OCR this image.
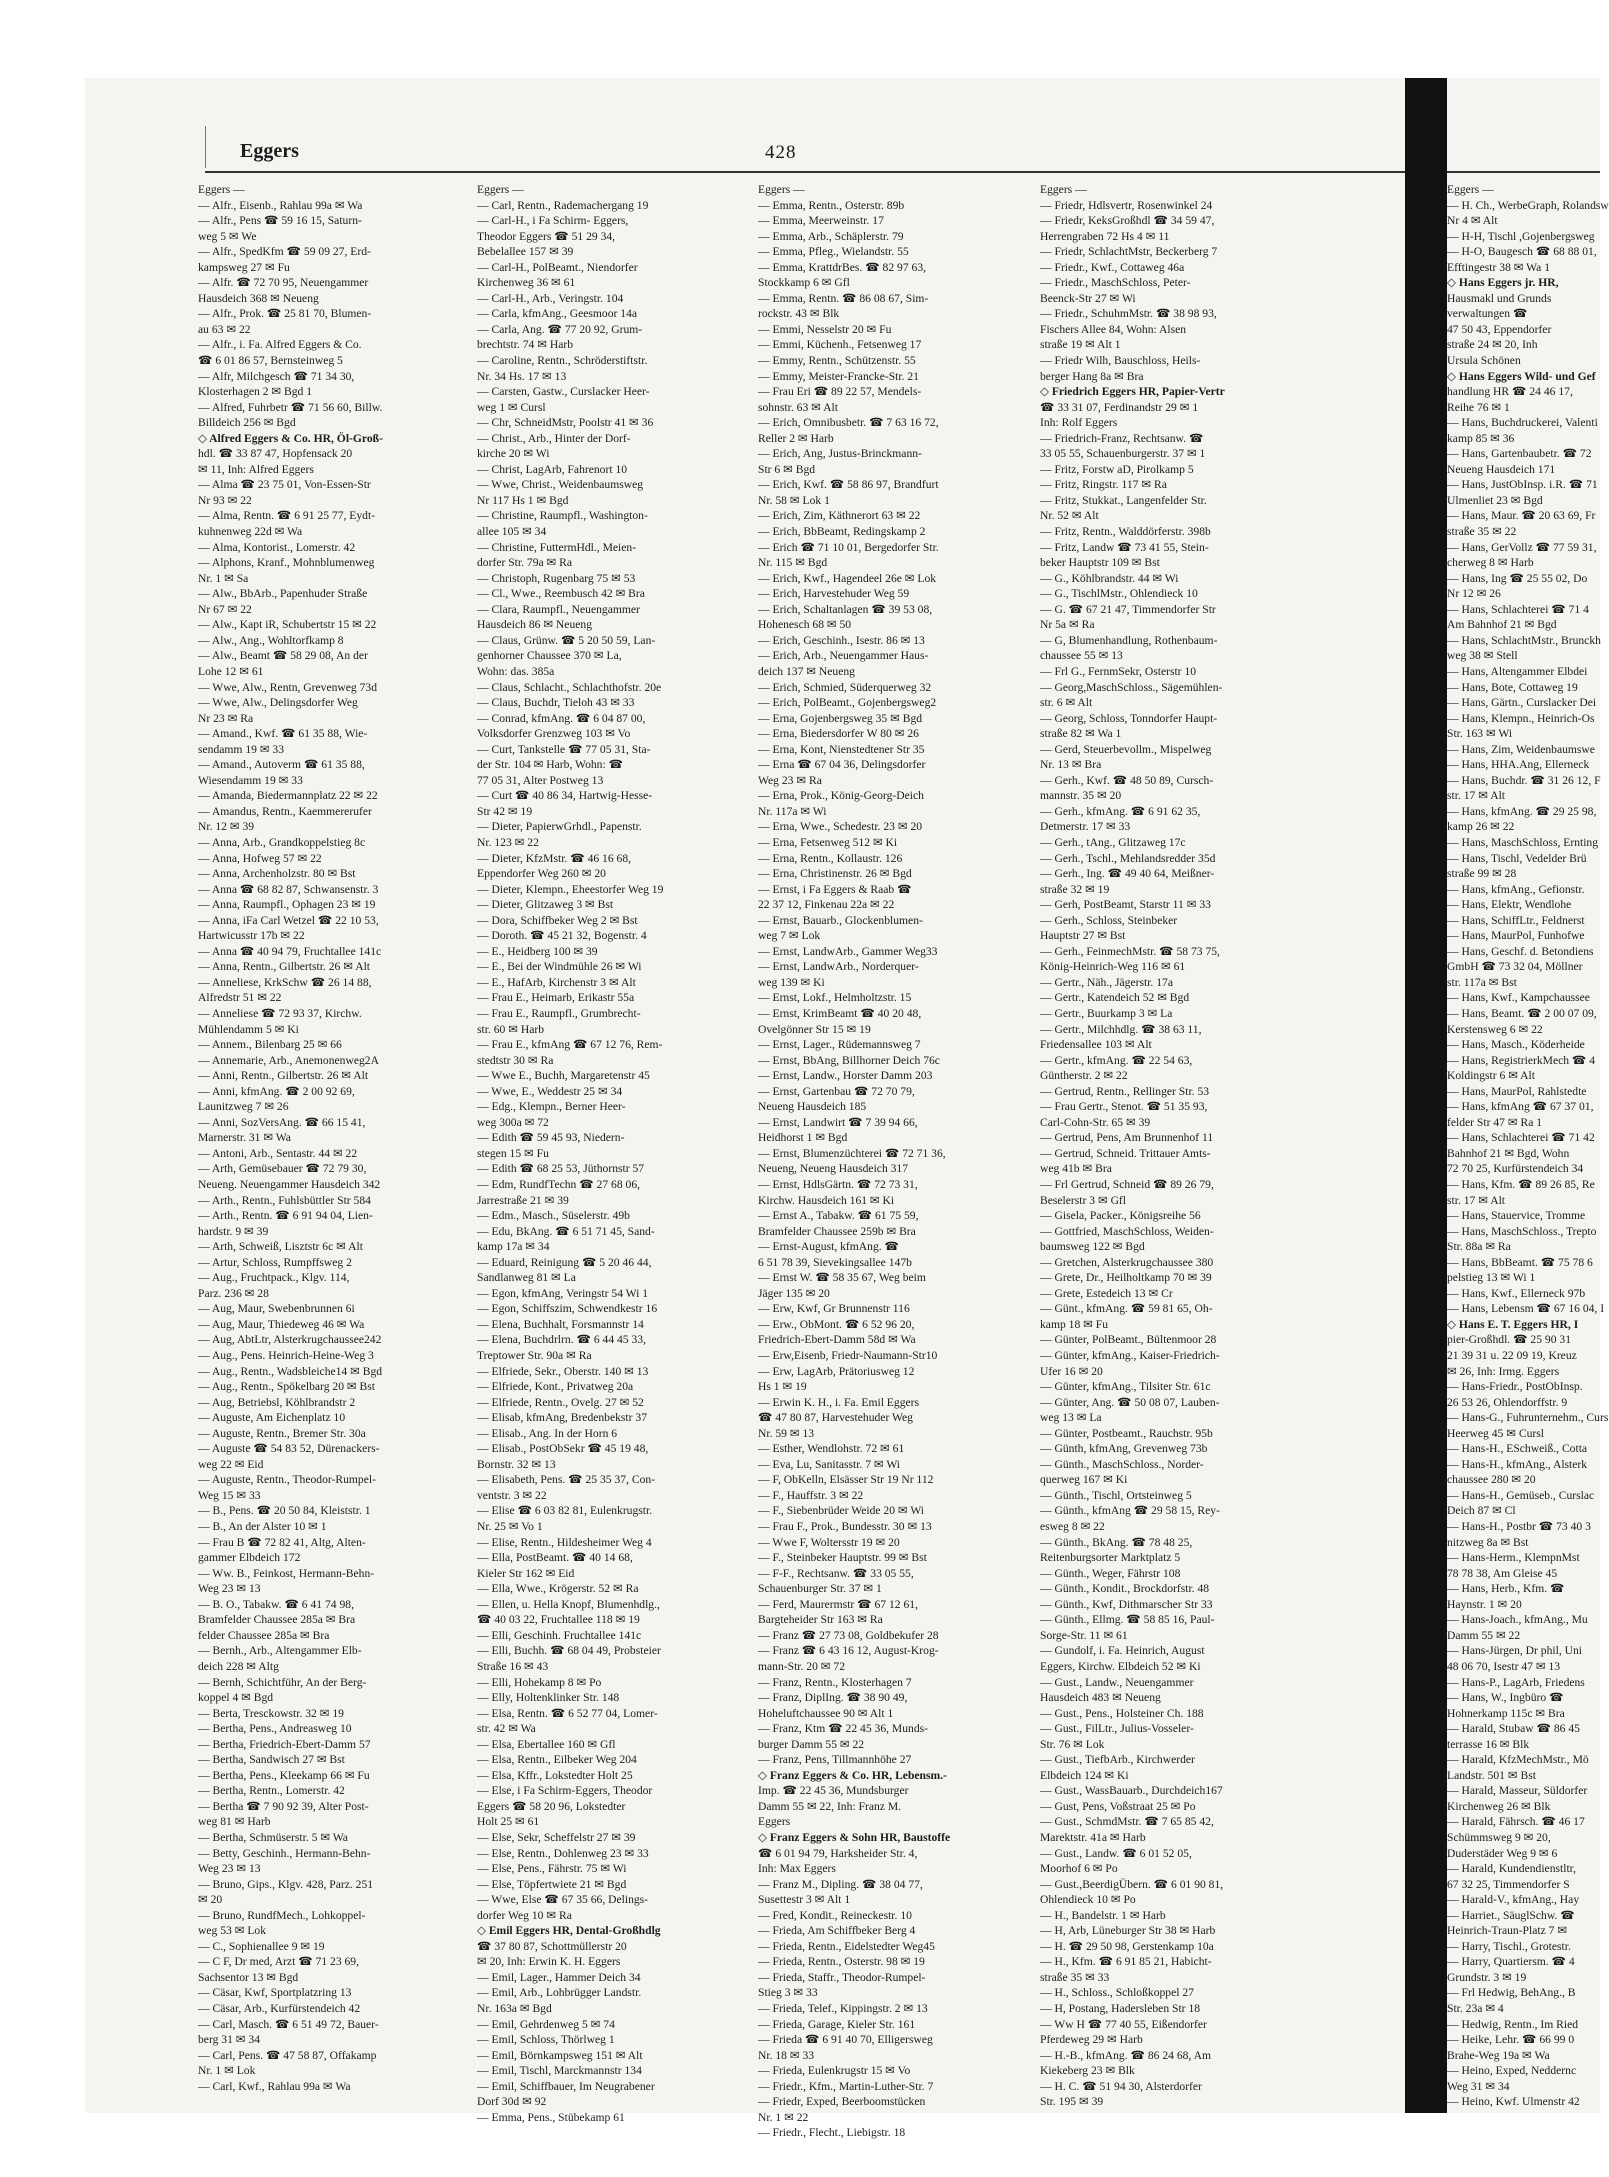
Eggers	428
Eggers —
— Alfr., Eisenb., Rahlau 99a ✉ Wa
— Alfr., Pens ☎ 59 16 15, Saturn-
weg 5 ✉ We
— Alfr., SpedKfm ☎ 59 09 27, Erd-
kampsweg 27 ✉ Fu
— Alfr. ☎ 72 70 95, Neuengammer
Hausdeich 368 ✉ Neueng
— Alfr., Prok. ☎ 25 81 70, Blumen-
au 63 ✉ 22
— Alfr., i. Fa. Alfred Eggers & Co.
☎ 6 01 86 57, Bernsteinweg 5
— Alfr, Milchgesch ☎ 71 34 30,
Klosterhagen 2 ✉ Bgd 1
— Alfred, Fuhrbetr ☎ 71 56 60, Billw.
Billdeich 256 ✉ Bgd
◇ Alfred Eggers & Co. HR, Öl-Groß-
hdl. ☎ 33 87 47, Hopfensack 20
✉ 11, Inh: Alfred Eggers
— Alma ☎ 23 75 01, Von-Essen-Str
Nr 93 ✉ 22
— Alma, Rentn. ☎ 6 91 25 77, Eydt-
kuhnenweg 22d ✉ Wa
— Alma, Kontorist., Lomerstr. 42
— Alphons, Kranf., Mohnblumenweg
Nr. 1 ✉ Sa
— Alw., BbArb., Papenhuder Straße
Nr 67 ✉ 22
— Alw., Kapt iR, Schubertstr 15 ✉ 22
— Alw., Ang., Wohltorfkamp 8
— Alw., Beamt ☎ 58 29 08, An der
Lohe 12 ✉ 61
— Wwe, Alw., Rentn, Grevenweg 73d
— Wwe, Alw., Delingsdorfer Weg
Nr 23 ✉ Ra
— Amand., Kwf. ☎ 61 35 88, Wie-
sendamm 19 ✉ 33
— Amand., Autoverm ☎ 61 35 88,
Wiesendamm 19 ✉ 33
— Amanda, Biedermannplatz 22 ✉ 22
— Amandus, Rentn., Kaemmererufer
Nr. 12 ✉ 39
— Anna, Arb., Grandkoppelstieg 8c
— Anna, Hofweg 57 ✉ 22
— Anna, Archenholzstr. 80 ✉ Bst
— Anna ☎ 68 82 87, Schwansenstr. 3
— Anna, Raumpfl., Ophagen 23 ✉ 19
— Anna, iFa Carl Wetzel ☎ 22 10 53,
Hartwicusstr 17b ✉ 22
— Anna ☎ 40 94 79, Fruchtallee 141c
— Anna, Rentn., Gilbertstr. 26 ✉ Alt
— Anneliese, KrkSchw ☎ 26 14 88,
Alfredstr 51 ✉ 22
— Anneliese ☎ 72 93 37, Kirchw.
Mühlendamm 5 ✉ Ki
— Annem., Bilenbarg 25 ✉ 66
— Annemarie, Arb., Anemonenweg2A
— Anni, Rentn., Gilbertstr. 26 ✉ Alt
— Anni, kfmAng. ☎ 2 00 92 69,
Launitzweg 7 ✉ 26
— Anni, SozVersAng. ☎ 66 15 41,
Marnerstr. 31 ✉ Wa
— Antoni, Arb., Sentastr. 44 ✉ 22
— Arth, Gemüsebauer ☎ 72 79 30,
Neueng. Neuengammer Hausdeich 342
— Arth., Rentn., Fuhlsbüttler Str 584
— Arth., Rentn. ☎ 6 91 94 04, Lien-
hardstr. 9 ✉ 39
— Arth, Schweiß, Lisztstr 6c ✉ Alt
— Artur, Schloss, Rumpffsweg 2
— Aug., Fruchtpack., Klgv. 114,
Parz. 236 ✉ 28
— Aug, Maur, Swebenbrunnen 6i
— Aug, Maur, Thiedeweg 46 ✉ Wa
— Aug, AbtLtr, Alsterkrugchaussee242
— Aug., Pens. Heinrich-Heine-Weg 3
— Aug., Rentn., Wadsbleiche14 ✉ Bgd
— Aug., Rentn., Spökelbarg 20 ✉ Bst
— Aug, Betriebsl, Köhlbrandstr 2
— Auguste, Am Eichenplatz 10
— Auguste, Rentn., Bremer Str. 30a
— Auguste ☎ 54 83 52, Dürenackers-
weg 22 ✉ Eid
— Auguste, Rentn., Theodor-Rumpel-
Weg 15 ✉ 33
— B., Pens. ☎ 20 50 84, Kleiststr. 1
— B., An der Alster 10 ✉ 1
— Frau B ☎ 72 82 41, Altg, Alten-
gammer Elbdeich 172
— Ww. B., Feinkost, Hermann-Behn-
Weg 23 ✉ 13
— B. O., Tabakw. ☎ 6 41 74 98,
Bramfelder Chaussee 285a ✉ Bra
felder Chaussee 285a ✉ Bra
— Bernh., Arb., Altengammer Elb-
deich 228 ✉ Altg
— Bernh, Schichtführ, An der Berg-
koppel 4 ✉ Bgd
— Berta, Tresckowstr. 32 ✉ 19
— Bertha, Pens., Andreasweg 10
— Bertha, Friedrich-Ebert-Damm 57
— Bertha, Sandwisch 27 ✉ Bst
— Bertha, Pens., Kleekamp 66 ✉ Fu
— Bertha, Rentn., Lomerstr. 42
— Bertha ☎ 7 90 92 39, Alter Post-
weg 81 ✉ Harb
— Bertha, Schmüserstr. 5 ✉ Wa
— Betty, Geschinh., Hermann-Behn-
Weg 23 ✉ 13
— Bruno, Gips., Klgv. 428, Parz. 251
✉ 20
— Bruno, RundfMech., Lohkoppel-
weg 53 ✉ Lok
— C., Sophienallee 9 ✉ 19
— C F, Dr med, Arzt ☎ 71 23 69,
Sachsentor 13 ✉ Bgd
— Cäsar, Kwf, Sportplatzring 13
— Cäsar, Arb., Kurfürstendeich 42
— Carl, Masch. ☎ 6 51 49 72, Bauer-
berg 31 ✉ 34
— Carl, Pens. ☎ 47 58 87, Offakamp
Nr. 1 ✉ Lok
— Carl, Kwf., Rahlau 99a ✉ Wa
Eggers —
— Carl, Rentn., Rademachergang 19
— Carl-H., i Fa Schirm- Eggers,
Theodor Eggers ☎ 51 29 34,
Bebelallee 157 ✉ 39
— Carl-H., PolBeamt., Niendorfer
Kirchenweg 36 ✉ 61
— Carl-H., Arb., Veringstr. 104
— Carla, kfmAng., Geesmoor 14a
— Carla, Ang. ☎ 77 20 92, Grum-
brechtstr. 74 ✉ Harb
— Caroline, Rentn., Schröderstiftstr.
Nr. 34 Hs. 17 ✉ 13
— Carsten, Gastw., Curslacker Heer-
weg 1 ✉ Cursl
— Chr, SchneidMstr, Poolstr 41 ✉ 36
— Christ., Arb., Hinter der Dorf-
kirche 20 ✉ Wi
— Christ, LagArb, Fahrenort 10
— Wwe, Christ., Weidenbaumsweg
Nr 117 Hs 1 ✉ Bgd
— Christine, Raumpfl., Washington-
allee 105 ✉ 34
— Christine, FuttermHdl., Meien-
dorfer Str. 79a ✉ Ra
— Christoph, Rugenbarg 75 ✉ 53
— Cl., Wwe., Reembusch 42 ✉ Bra
— Clara, Raumpfl., Neuengammer
Hausdeich 86 ✉ Neueng
— Claus, Grünw. ☎ 5 20 50 59, Lan-
genhorner Chaussee 370 ✉ La,
Wohn: das. 385a
— Claus, Schlacht., Schlachthofstr. 20e
— Claus, Buchdr, Tieloh 43 ✉ 33
— Conrad, kfmAng. ☎ 6 04 87 00,
Volksdorfer Grenzweg 103 ✉ Vo
— Curt, Tankstelle ☎ 77 05 31, Sta-
der Str. 104 ✉ Harb, Wohn: ☎
77 05 31, Alter Postweg 13
— Curt ☎ 40 86 34, Hartwig-Hesse-
Str 42 ✉ 19
— Dieter, PapierwGrhdl., Papenstr.
Nr. 123 ✉ 22
— Dieter, KfzMstr. ☎ 46 16 68,
Eppendorfer Weg 260 ✉ 20
— Dieter, Klempn., Eheestorfer Weg 19
— Dieter, Glitzaweg 3 ✉ Bst
— Dora, Schiffbeker Weg 2 ✉ Bst
— Doroth. ☎ 45 21 32, Bogenstr. 4
— E., Heidberg 100 ✉ 39
— E., Bei der Windmühle 26 ✉ Wi
— E., HafArb, Kirchenstr 3 ✉ Alt
— Frau E., Heimarb, Erikastr 55a
— Frau E., Raumpfl., Grumbrecht-
str. 60 ✉ Harb
— Frau E., kfmAng ☎ 67 12 76, Rem-
stedtstr 30 ✉ Ra
— Wwe E., Buchh, Margaretenstr 45
— Wwe, E., Weddestr 25 ✉ 34
— Edg., Klempn., Berner Heer-
weg 300a ✉ 72
— Edith ☎ 59 45 93, Niedern-
stegen 15 ✉ Fu
— Edith ☎ 68 25 53, Jüthornstr 57
— Edm, RundfTechn ☎ 27 68 06,
Jarrestraße 21 ✉ 39
— Edm., Masch., Süselerstr. 49b
— Edu, BkAng. ☎ 6 51 71 45, Sand-
kamp 17a ✉ 34
— Eduard, Reinigung ☎ 5 20 46 44,
Sandlanweg 81 ✉ La
— Egon, kfmAng, Veringstr 54 Wi 1
— Egon, Schiffszim, Schwendkestr 16
— Elena, Buchhalt, Forsmannstr 14
— Elena, Buchdrlrn. ☎ 6 44 45 33,
Treptower Str. 90a ✉ Ra
— Elfriede, Sekr., Oberstr. 140 ✉ 13
— Elfriede, Kont., Privatweg 20a
— Elfriede, Rentn., Ovelg. 27 ✉ 52
— Elisab, kfmAng, Bredenbekstr 37
— Elisab., Ang. In der Horn 6
— Elisab., PostObSekr ☎ 45 19 48,
Bornstr. 32 ✉ 13
— Elisabeth, Pens. ☎ 25 35 37, Con-
ventstr. 3 ✉ 22
— Elise ☎ 6 03 82 81, Eulenkrugstr.
Nr. 25 ✉ Vo 1
— Elise, Rentn., Hildesheimer Weg 4
— Ella, PostBeamt. ☎ 40 14 68,
Kieler Str 162 ✉ Eid
— Ella, Wwe., Krögerstr. 52 ✉ Ra
— Ellen, u. Hella Knopf, Blumenhdlg.,
☎ 40 03 22, Fruchtallee 118 ✉ 19
— Elli, Geschinh. Fruchtallee 141c
— Elli, Buchh. ☎ 68 04 49, Probsteier
Straße 16 ✉ 43
— Elli, Hohekamp 8 ✉ Po
— Elly, Holtenklinker Str. 148
— Elsa, Rentn. ☎ 6 52 77 04, Lomer-
str. 42 ✉ Wa
— Elsa, Ebertallee 160 ✉ Gfl
— Elsa, Rentn., Eilbeker Weg 204
— Elsa, Kffr., Lokstedter Holt 25
— Else, i Fa Schirm-Eggers, Theodor
Eggers ☎ 58 20 96, Lokstedter
Holt 25 ✉ 61
— Else, Sekr, Scheffelstr 27 ✉ 39
— Else, Rentn., Dohlenweg 23 ✉ 33
— Else, Pens., Fährstr. 75 ✉ Wi
— Else, Töpfertwiete 21 ✉ Bgd
— Wwe, Else ☎ 67 35 66, Delings-
dorfer Weg 10 ✉ Ra
◇ Emil Eggers HR, Dental-Großhdlg
☎ 37 80 87, Schottmüllerstr 20
✉ 20, Inh: Erwin K. H. Eggers
— Emil, Lager., Hammer Deich 34
— Emil, Arb., Lohbrügger Landstr.
Nr. 163a ✉ Bgd
— Emil, Gehrdenweg 5 ✉ 74
— Emil, Schloss, Thörlweg 1
— Emil, Börnkampsweg 151 ✉ Alt
— Emil, Tischl, Marckmannstr 134
— Emil, Schiffbauer, Im Neugrabener
Dorf 30d ✉ 92
— Emma, Pens., Stübekamp 61
Eggers —
— Emma, Rentn., Osterstr. 89b
— Emma, Meerweinstr. 17
— Emma, Arb., Schäplerstr. 79
— Emma, Pfleg., Wielandstr. 55
— Emma, KrattdrBes. ☎ 82 97 63,
Stockkamp 6 ✉ Gfl
— Emma, Rentn. ☎ 86 08 67, Sim-
rockstr. 43 ✉ Blk
— Emmi, Nesselstr 20 ✉ Fu
— Emmi, Küchenh., Fetsenweg 17
— Emmy, Rentn., Schützenstr. 55
— Emmy, Meister-Francke-Str. 21
— Frau Eri ☎ 89 22 57, Mendels-
sohnstr. 63 ✉ Alt
— Erich, Omnibusbetr. ☎ 7 63 16 72,
Reller 2 ✉ Harb
— Erich, Ang, Justus-Brinckmann-
Str 6 ✉ Bgd
— Erich, Kwf. ☎ 58 86 97, Brandfurt
Nr. 58 ✉ Lok 1
— Erich, Zim, Käthnerort 63 ✉ 22
— Erich, BbBeamt, Redingskamp 2
— Erich ☎ 71 10 01, Bergedorfer Str.
Nr. 115 ✉ Bgd
— Erich, Kwf., Hagendeel 26e ✉ Lok
— Erich, Harvestehuder Weg 59
— Erich, Schaltanlagen ☎ 39 53 08,
Hohenesch 68 ✉ 50
— Erich, Geschinh., Isestr. 86 ✉ 13
— Erich, Arb., Neuengammer Haus-
deich 137 ✉ Neueng
— Erich, Schmied, Süderquerweg 32
— Erich, PolBeamt., Gojenbergsweg2
— Erna, Gojenbergsweg 35 ✉ Bgd
— Erna, Biedersdorfer W 80 ✉ 26
— Erna, Kont, Nienstedtener Str 35
— Erna ☎ 67 04 36, Delingsdorfer
Weg 23 ✉ Ra
— Erna, Prok., König-Georg-Deich
Nr. 117a ✉ Wi
— Erna, Wwe., Schedestr. 23 ✉ 20
— Erna, Fetsenweg 512 ✉ Ki
— Erna, Rentn., Kollaustr. 126
— Erna, Christinenstr. 26 ✉ Bgd
— Ernst, i Fa Eggers & Raab ☎
22 37 12, Finkenau 22a ✉ 22
— Ernst, Bauarb., Glockenblumen-
weg 7 ✉ Lok
— Ernst, LandwArb., Gammer Weg33
— Ernst, LandwArb., Norderquer-
weg 139 ✉ Ki
— Ernst, Lokf., Helmholtzstr. 15
— Ernst, KrimBeamt ☎ 40 20 48,
Ovelgönner Str 15 ✉ 19
— Ernst, Lager., Rüdemannsweg 7
— Ernst, BbAng, Billhorner Deich 76c
— Ernst, Landw., Horster Damm 203
— Ernst, Gartenbau ☎ 72 70 79,
Neueng Hausdeich 185
— Ernst, Landwirt ☎ 7 39 94 66,
Heidhorst 1 ✉ Bgd
— Ernst, Blumenzüchterei ☎ 72 71 36,
Neueng, Neueng Hausdeich 317
— Ernst, HdlsGärtn. ☎ 72 73 31,
Kirchw. Hausdeich 161 ✉ Ki
— Ernst A., Tabakw. ☎ 61 75 59,
Bramfelder Chaussee 259b ✉ Bra
— Ernst-August, kfmAng. ☎
6 51 78 39, Sievekingsallee 147b
— Ernst W. ☎ 58 35 67, Weg beim
Jäger 135 ✉ 20
— Erw, Kwf, Gr Brunnenstr 116
— Erw., ObMont. ☎ 6 52 96 20,
Friedrich-Ebert-Damm 58d ✉ Wa
— Erw,Eisenb, Friedr-Naumann-Str10
— Erw, LagArb, Prätoriusweg 12
Hs 1 ✉ 19
— Erwin K. H., i. Fa. Emil Eggers
☎ 47 80 87, Harvestehuder Weg
Nr. 59 ✉ 13
— Esther, Wendlohstr. 72 ✉ 61
— Eva, Lu, Sanitasstr. 7 ✉ Wi
— F, ObKelln, Elsässer Str 19 Nr 112
— F., Hauffstr. 3 ✉ 22
— F., Siebenbrüder Weide 20 ✉ Wi
— Frau F., Prok., Bundesstr. 30 ✉ 13
— Wwe F, Woltersstr 19 ✉ 20
— F., Steinbeker Hauptstr. 99 ✉ Bst
— F-F., Rechtsanw. ☎ 33 05 55,
Schauenburger Str. 37 ✉ 1
— Ferd, Maurermstr ☎ 67 12 61,
Bargteheider Str 163 ✉ Ra
— Franz ☎ 27 73 08, Goldbekufer 28
— Franz ☎ 6 43 16 12, August-Krog-
mann-Str. 20 ✉ 72
— Franz, Rentn., Klosterhagen 7
— Franz, DiplIng. ☎ 38 90 49,
Hoheluftchaussee 90 ✉ Alt 1
— Franz, Ktm ☎ 22 45 36, Munds-
burger Damm 55 ✉ 22
— Franz, Pens, Tillmannhöhe 27
◇ Franz Eggers & Co. HR, Lebensm.-
Imp. ☎ 22 45 36, Mundsburger
Damm 55 ✉ 22, Inh: Franz M.
Eggers
◇ Franz Eggers & Sohn HR, Baustoffe
☎ 6 01 94 79, Harksheider Str. 4,
Inh: Max Eggers
— Franz M., Dipling. ☎ 38 04 77,
Susettestr 3 ✉ Alt 1
— Fred, Kondit., Reineckestr. 10
— Frieda, Am Schiffbeker Berg 4
— Frieda, Rentn., Eidelstedter Weg45
— Frieda, Rentn., Osterstr. 98 ✉ 19
— Frieda, Staffr., Theodor-Rumpel-
Stieg 3 ✉ 33
— Frieda, Telef., Kippingstr. 2 ✉ 13
— Frieda, Garage, Kieler Str. 161
— Frieda ☎ 6 91 40 70, Elligersweg
Nr. 18 ✉ 33
— Frieda, Eulenkrugstr 15 ✉ Vo
— Friedr., Kfm., Martin-Luther-Str. 7
— Friedr, Exped, Beerboomstücken
Nr. 1 ✉ 22
— Friedr., Flecht., Liebigstr. 18
Eggers —
— Friedr, Hdlsvertr, Rosenwinkel 24
— Friedr, KeksGroßhdl ☎ 34 59 47,
Herrengraben 72 Hs 4 ✉ 11
— Friedr, SchlachtMstr, Beckerberg 7
— Friedr., Kwf., Cottaweg 46a
— Friedr., MaschSchloss, Peter-
Beenck-Str 27 ✉ Wi
— Friedr., SchuhmMstr. ☎ 38 98 93,
Fischers Allee 84, Wohn: Alsen
straße 19 ✉ Alt 1
— Friedr Wilh, Bauschloss, Heils-
berger Hang 8a ✉ Bra
◇ Friedrich Eggers HR, Papier-Vertr
☎ 33 31 07, Ferdinandstr 29 ✉ 1
Inh: Rolf Eggers
— Friedrich-Franz, Rechtsanw. ☎
33 05 55, Schauenburgerstr. 37 ✉ 1
— Fritz, Forstw aD, Pirolkamp 5
— Fritz, Ringstr. 117 ✉ Ra
— Fritz, Stukkat., Langenfelder Str.
Nr. 52 ✉ Alt
— Fritz, Rentn., Walddörferstr. 398b
— Fritz, Landw ☎ 73 41 55, Stein-
beker Hauptstr 109 ✉ Bst
— G., Köhlbrandstr. 44 ✉ Wi
— G., TischlMstr., Ohlendieck 10
— G. ☎ 67 21 47, Timmendorfer Str
Nr 5a ✉ Ra
— G, Blumenhandlung, Rothenbaum-
chaussee 55 ✉ 13
— Frl G., FernmSekr, Osterstr 10
— Georg,MaschSchloss., Sägemühlen-
str. 6 ✉ Alt
— Georg, Schloss, Tonndorfer Haupt-
straße 82 ✉ Wa 1
— Gerd, Steuerbevollm., Mispelweg
Nr. 13 ✉ Bra
— Gerh., Kwf. ☎ 48 50 89, Cursch-
mannstr. 35 ✉ 20
— Gerh., kfmAng. ☎ 6 91 62 35,
Detmerstr. 17 ✉ 33
— Gerh., tAng., Glitzaweg 17c
— Gerh., Tschl., Mehlandsredder 35d
— Gerh., Ing. ☎ 49 40 64, Meißner-
straße 32 ✉ 19
— Gerh, PostBeamt, Starstr 11 ✉ 33
— Gerh., Schloss, Steinbeker
Hauptstr 27 ✉ Bst
— Gerh., FeinmechMstr. ☎ 58 73 75,
König-Heinrich-Weg 116 ✉ 61
— Gertr., Näh., Jägerstr. 17a
— Gertr., Katendeich 52 ✉ Bgd
— Gertr., Buurkamp 3 ✉ La
— Gertr., Milchhdlg. ☎ 38 63 11,
Friedensallee 103 ✉ Alt
— Gertr., kfmAng. ☎ 22 54 63,
Güntherstr. 2 ✉ 22
— Gertrud, Rentn., Rellinger Str. 53
— Frau Gertr., Stenot. ☎ 51 35 93,
Carl-Cohn-Str. 65 ✉ 39
— Gertrud, Pens, Am Brunnenhof 11
— Gertrud, Schneid. Trittauer Amts-
weg 41b ✉ Bra
— Frl Gertrud, Schneid ☎ 89 26 79,
Beselerstr 3 ✉ Gfl
— Gisela, Packer., Königsreihe 56
— Gottfried, MaschSchloss, Weiden-
baumsweg 122 ✉ Bgd
— Gretchen, Alsterkrugchaussee 380
— Grete, Dr., Heilholtkamp 70 ✉ 39
— Grete, Estedeich 13 ✉ Cr
— Günt., kfmAng. ☎ 59 81 65, Oh-
kamp 18 ✉ Fu
— Günter, PolBeamt., Bültenmoor 28
— Günter, kfmAng., Kaiser-Friedrich-
Ufer 16 ✉ 20
— Günter, kfmAng., Tilsiter Str. 61c
— Günter, Ang. ☎ 50 08 07, Lauben-
weg 13 ✉ La
— Günter, Postbeamt., Rauchstr. 95b
— Günth, kfmAng, Grevenweg 73b
— Günth., MaschSchloss., Norder-
querweg 167 ✉ Ki
— Günth., Tischl, Ortsteinweg 5
— Günth., kfmAng ☎ 29 58 15, Rey-
esweg 8 ✉ 22
— Günth., BkAng. ☎ 78 48 25,
Reitenburgsorter Marktplatz 5
— Günth., Weger, Fährstr 108
— Günth., Kondit., Brockdorfstr. 48
— Günth., Kwf, Dithmarscher Str 33
— Günth., Ellmg. ☎ 58 85 16, Paul-
Sorge-Str. 11 ✉ 61
— Gundolf, i. Fa. Heinrich, August
Eggers, Kirchw. Elbdeich 52 ✉ Ki
— Gust., Landw., Neuengammer
Hausdeich 483 ✉ Neueng
— Gust., Pens., Holsteiner Ch. 188
— Gust., FilLtr., Julius-Vosseler-
Str. 76 ✉ Lok
— Gust., TiefbArb., Kirchwerder
Elbdeich 124 ✉ Ki
— Gust., WassBauarb., Durchdeich167
— Gust, Pens, Voßstraat 25 ✉ Po
— Gust., SchmdMstr. ☎ 7 65 85 42,
Marektstr. 41a ✉ Harb
— Gust., Landw. ☎ 6 01 52 05,
Moorhof 6 ✉ Po
— Gust.,BeerdigÜbern. ☎ 6 01 90 81,
Ohlendieck 10 ✉ Po
— H., Bandelstr. 1 ✉ Harb
— H, Arb, Lüneburger Str 38 ✉ Harb
— H. ☎ 29 50 98, Gerstenkamp 10a
— H., Kfm. ☎ 6 91 85 21, Habicht-
straße 35 ✉ 33
— H., Schloss., Schloßkoppel 27
— H, Postang, Hadersleben Str 18
— Ww H ☎ 77 40 55, Eißendorfer
Pferdeweg 29 ✉ Harb
— H.-B., kfmAng. ☎ 86 24 68, Am
Kiekeberg 23 ✉ Blk
— H. C. ☎ 51 94 30, Alsterdorfer
Str. 195 ✉ 39
Eggers —
— H. Ch., WerbeGraph, Rolandsw
Nr 4 ✉ Alt
— H-H, Tischl ,Gojenbergsweg
— H-O, Baugesch ☎ 68 88 01,
Efftingestr 38 ✉ Wa 1
◇ Hans Eggers jr. HR,
Hausmakl und Grunds
verwaltungen ☎
47 50 43, Eppendorfer
straße 24 ✉ 20, Inh
Ursula Schönen
◇ Hans Eggers Wild- und Gef
handlung HR ☎ 24 46 17,
Reihe 76 ✉ 1
— Hans, Buchdruckerei, Valenti
kamp 85 ✉ 36
— Hans, Gartenbaubetr. ☎ 72
Neueng Hausdeich 171
— Hans, JustObInsp. i.R. ☎ 71
Ulmenliet 23 ✉ Bgd
— Hans, Maur. ☎ 20 63 69, Fr
straße 35 ✉ 22
— Hans, GerVollz ☎ 77 59 31,
cherweg 8 ✉ Harb
— Hans, Ing ☎ 25 55 02, Do
Nr 12 ✉ 26
— Hans, Schlachterei ☎ 71 4
Am Bahnhof 21 ✉ Bgd
— Hans, SchlachtMstr., Brunckh
weg 38 ✉ Stell
— Hans, Altengammer Elbdei
— Hans, Bote, Cottaweg 19
— Hans, Gärtn., Curslacker Dei
— Hans, Klempn., Heinrich-Os
Str. 163 ✉ Wi
— Hans, Zim, Weidenbaumswe
— Hans, HHA.Ang, Ellerneck
— Hans, Buchdr. ☎ 31 26 12, F
str. 17 ✉ Alt
— Hans, kfmAng. ☎ 29 25 98,
kamp 26 ✉ 22
— Hans, MaschSchloss, Ernting
— Hans, Tischl, Vedelder Brü
straße 99 ✉ 28
— Hans, kfmAng., Gefionstr.
— Hans, Elektr, Wendlohe
— Hans, SchiffLtr., Feldnerst
— Hans, MaurPol, Funhofwe
— Hans, Geschf. d. Betondiens
GmbH ☎ 73 32 04, Möllner
str. 117a ✉ Bst
— Hans, Kwf., Kampchaussee
— Hans, Beamt. ☎ 2 00 07 09,
Kerstensweg 6 ✉ 22
— Hans, Masch., Köderheide
— Hans, RegistrierkMech ☎ 4
Koldingstr 6 ✉ Alt
— Hans, MaurPol, Rahlstedte
— Hans, kfmAng ☎ 67 37 01,
felder Str 47 ✉ Ra 1
— Hans, Schlachterei ☎ 71 42
Bahnhof 21 ✉ Bgd, Wohn
72 70 25, Kurfürstendeich 34
— Hans, Kfm. ☎ 89 26 85, Re
str. 17 ✉ Alt
— Hans, Stauervice, Tromme
— Hans, MaschSchloss., Trepto
Str. 88a ✉ Ra
— Hans, BbBeamt. ☎ 75 78 6
pelstieg 13 ✉ Wi 1
— Hans, Kwf., Ellerneck 97b
— Hans, Lebensm ☎ 67 16 04, I
◇ Hans E. T. Eggers HR, I
pier-Großhdl. ☎ 25 90 31
21 39 31 u. 22 09 19, Kreuz
✉ 26, Inh: Irmg. Eggers
— Hans-Friedr., PostObInsp.
26 53 26, Ohlendorffstr. 9
— Hans-G., Fuhrunternehm., Curs
Heerweg 45 ✉ Cursl
— Hans-H., ESchweiß., Cotta
— Hans-H., kfmAng., Alsterk
chaussee 280 ✉ 20
— Hans-H., Gemüseb., Curslac
Deich 87 ✉ Cl
— Hans-H., Postbr ☎ 73 40 3
nitzweg 8a ✉ Bst
— Hans-Herm., KlempnMst
78 78 38, Am Gleise 45
— Hans, Herb., Kfm. ☎
Haynstr. 1 ✉ 20
— Hans-Joach., kfmAng., Mu
Damm 55 ✉ 22
— Hans-Jürgen, Dr phil, Uni
48 06 70, Isestr 47 ✉ 13
— Hans-P., LagArb, Friedens
— Hans, W., Ingbüro ☎
Hohnerkamp 115c ✉ Bra
— Harald, Stubaw ☎ 86 45
terrasse 16 ✉ Blk
— Harald, KfzMechMstr., Mö
Landstr. 501 ✉ Bst
— Harald, Masseur, Süldorfer
Kirchenweg 26 ✉ Blk
— Harald, Fährsch. ☎ 46 17
Schümmsweg 9 ✉ 20,
Duderstäder Weg 9 ✉ 6
— Harald, Kundendienstltr,
67 32 25, Timmendorfer S
— Harald-V., kfmAng., Hay
— Harriet., SäuglSchw. ☎
Heinrich-Traun-Platz 7 ✉
— Harry, Tischl., Grotestr.
— Harry, Quartiersm. ☎ 4
Grundstr. 3 ✉ 19
— Frl Hedwig, BehAng., B
Str. 23a ✉ 4
— Hedwig, Rentn., Im Ried
— Heike, Lehr. ☎ 66 99 0
Brahe-Weg 19a ✉ Wa
— Heino, Exped, Neddernc
Weg 31 ✉ 34
— Heino, Kwf. Ulmenstr 42
